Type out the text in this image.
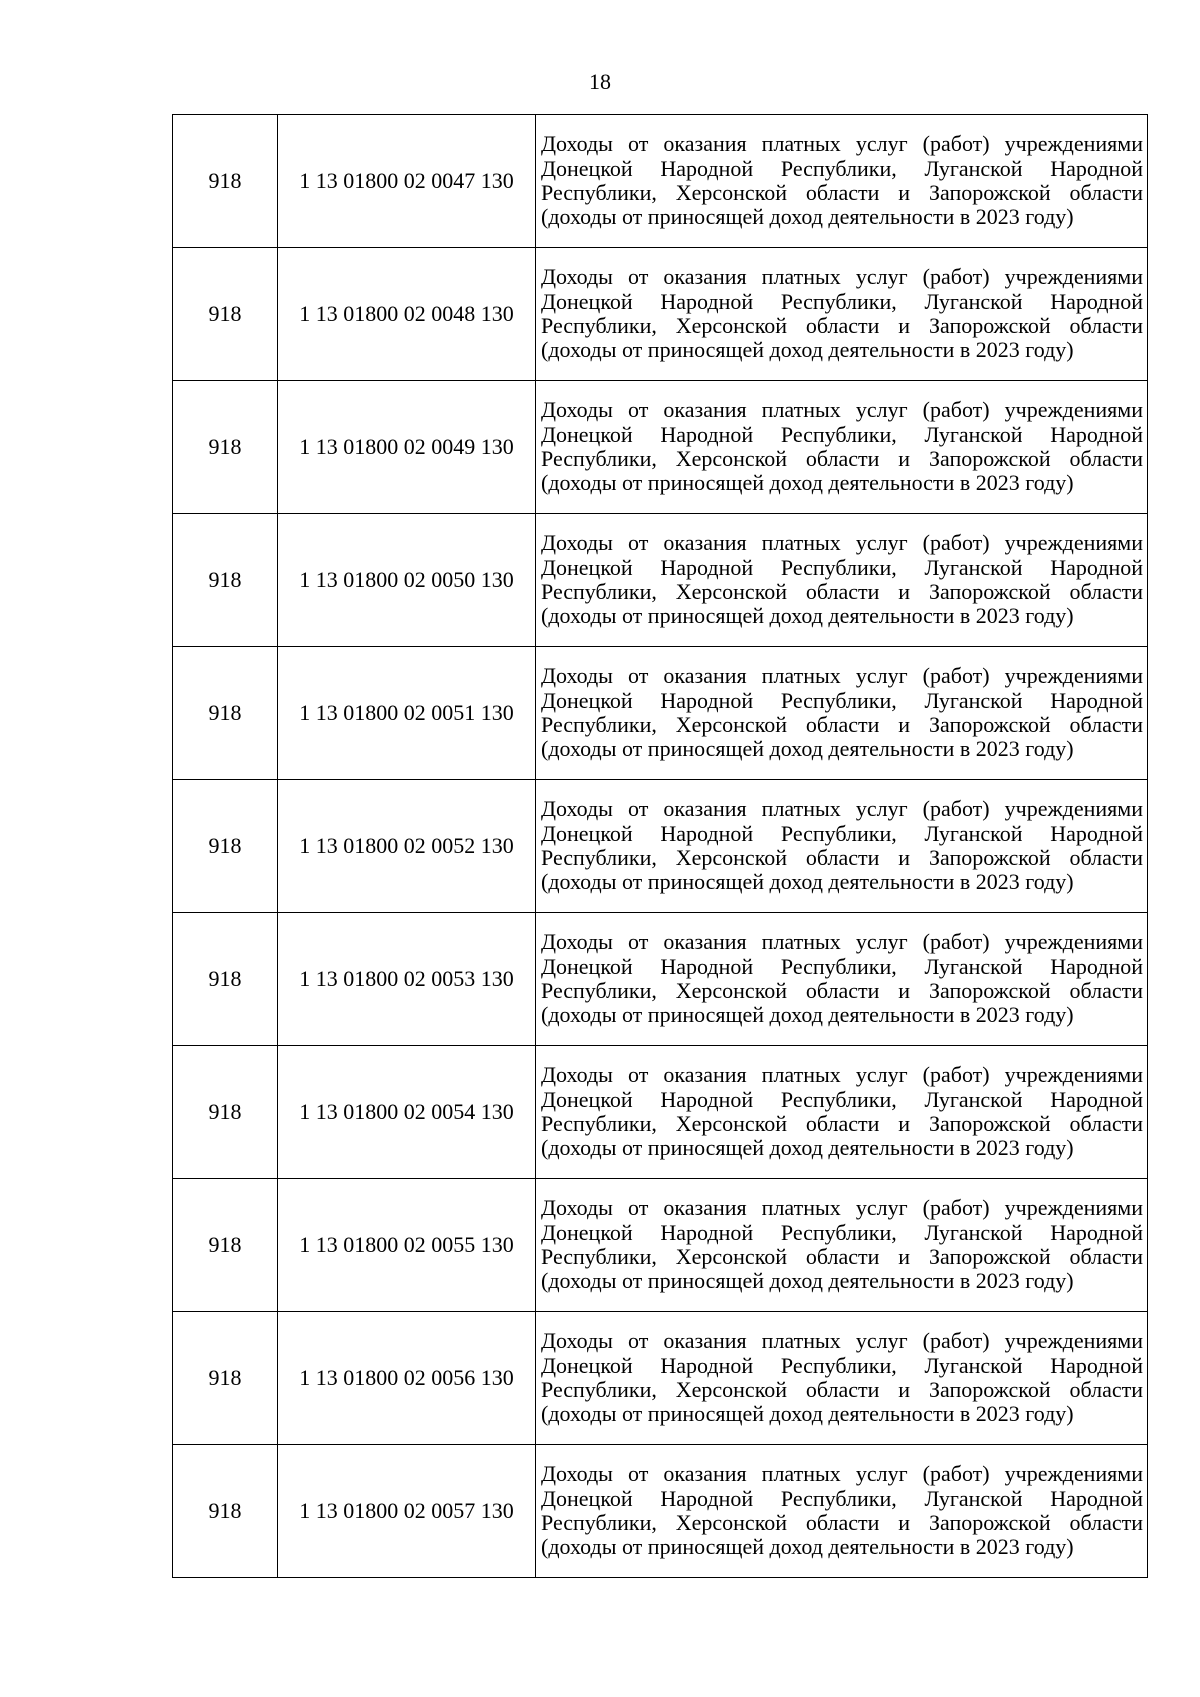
18
918	1 13 01800 02 0047 130	Доходы от оказания платных услуг (работ) учреждениями Донецкой Народной Республики, Луганской Народной Республики, Херсонской области и Запорожской области (доходы от приносящей доход деятельности в 2023 году)

918	1 13 01800 02 0048 130	Доходы от оказания платных услуг (работ) учреждениями Донецкой Народной Республики, Луганской Народной Республики, Херсонской области и Запорожской области (доходы от приносящей доход деятельности в 2023 году)

918	1 13 01800 02 0049 130	Доходы от оказания платных услуг (работ) учреждениями Донецкой Народной Республики, Луганской Народной Республики, Херсонской области и Запорожской области (доходы от приносящей доход деятельности в 2023 году)

918	1 13 01800 02 0050 130	Доходы от оказания платных услуг (работ) учреждениями Донецкой Народной Республики, Луганской Народной Республики, Херсонской области и Запорожской области (доходы от приносящей доход деятельности в 2023 году)

918	1 13 01800 02 0051 130	Доходы от оказания платных услуг (работ) учреждениями Донецкой Народной Республики, Луганской Народной Республики, Херсонской области и Запорожской области (доходы от приносящей доход деятельности в 2023 году)

918	1 13 01800 02 0052 130	Доходы от оказания платных услуг (работ) учреждениями Донецкой Народной Республики, Луганской Народной Республики, Херсонской области и Запорожской области (доходы от приносящей доход деятельности в 2023 году)

918	1 13 01800 02 0053 130	Доходы от оказания платных услуг (работ) учреждениями Донецкой Народной Республики, Луганской Народной Республики, Херсонской области и Запорожской области (доходы от приносящей доход деятельности в 2023 году)

918	1 13 01800 02 0054 130	Доходы от оказания платных услуг (работ) учреждениями Донецкой Народной Республики, Луганской Народной Республики, Херсонской области и Запорожской области (доходы от приносящей доход деятельности в 2023 году)

918	1 13 01800 02 0055 130	Доходы от оказания платных услуг (работ) учреждениями Донецкой Народной Республики, Луганской Народной Республики, Херсонской области и Запорожской области (доходы от приносящей доход деятельности в 2023 году)

918	1 13 01800 02 0056 130	Доходы от оказания платных услуг (работ) учреждениями Донецкой Народной Республики, Луганской Народной Республики, Херсонской области и Запорожской области (доходы от приносящей доход деятельности в 2023 году)

918	1 13 01800 02 0057 130	Доходы от оказания платных услуг (работ) учреждениями Донецкой Народной Республики, Луганской Народной Республики, Херсонской области и Запорожской области (доходы от приносящей доход деятельности в 2023 году)
